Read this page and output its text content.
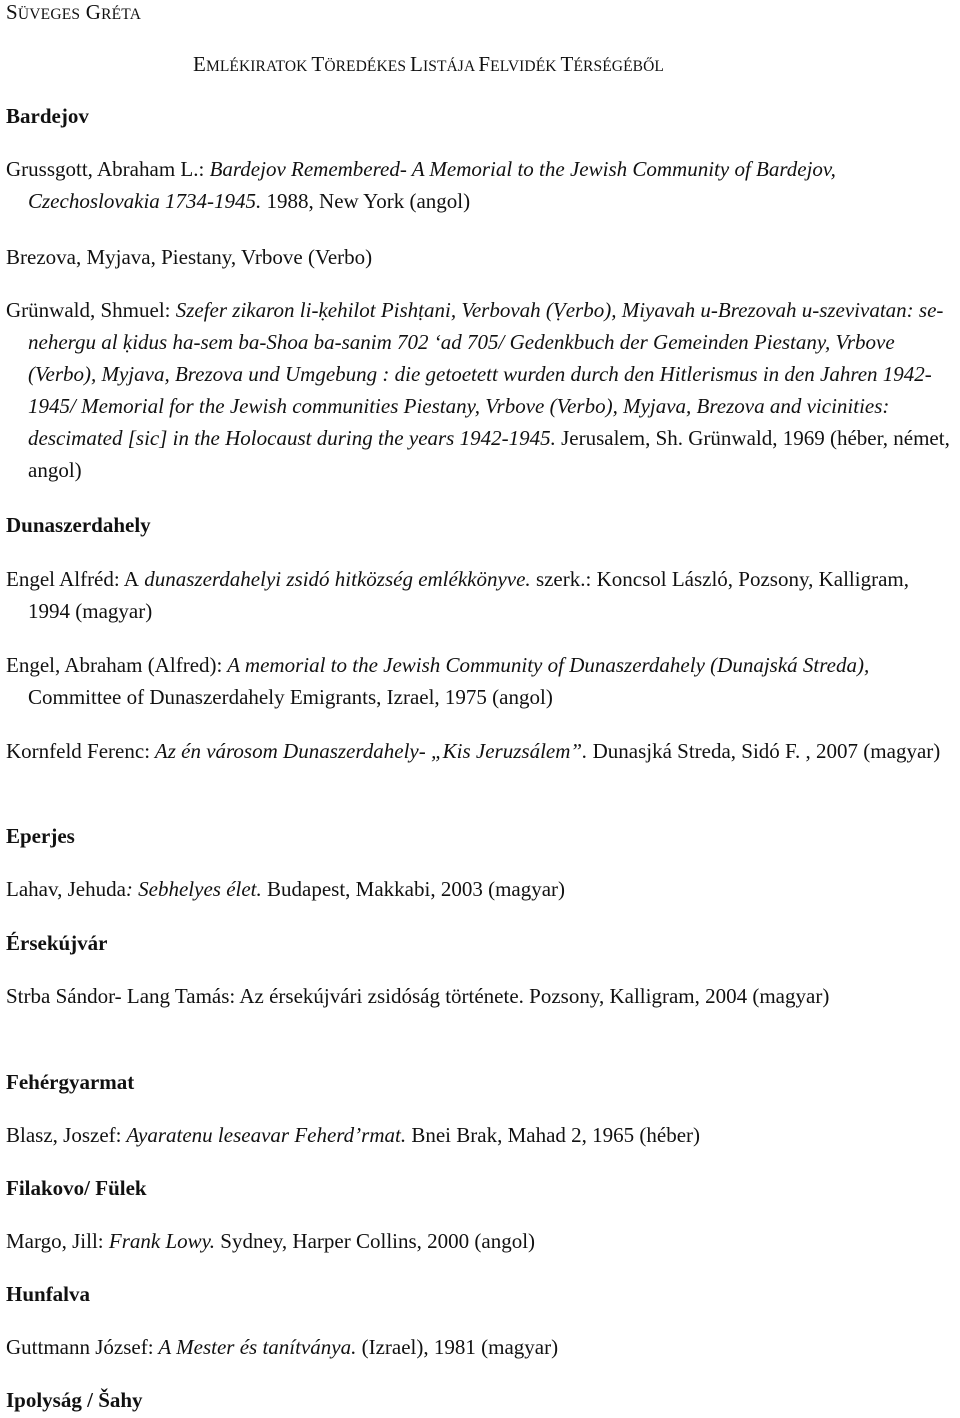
SÜVEGES GRÉTA
EMLÉKIRATOK TÖREDÉKES LISTÁJA FELVIDÉK TÉRSÉGÉBŐL
Bardejov
Grussgott, Abraham L.: Bardejov Remembered- A Memorial to the Jewish Community of Bardejov, Czechoslovakia 1734-1945. 1988, New York (angol)
Brezova, Myjava, Piestany, Vrbove (Verbo)
Grünwald, Shmuel: Szefer zikaron li-ḳehilot Pishṭani, Verbovah (Ṿerbo), Miyavah u-Brezovah u-szevivatan: se-nehergu al ḳidus ha-sem ba-Shoa ba-sanim 702 ‘ad 705/ Gedenkbuch der Gemeinden Piestany, Vrbove (Verbo), Myjava, Brezova und Umgebung : die getoetett wurden durch den Hitlerismus in den Jahren 1942-1945/ Memorial for the Jewish communities Piestany, Vrbove (Verbo), Myjava, Brezova and vicinities: descimated [sic] in the Holocaust during the years 1942-1945. Jerusalem, Sh. Grünwald, 1969 (héber, német, angol)
Dunaszerdahely
Engel Alfréd: A dunaszerdahelyi zsidó hitközség emlékkönyve. szerk.: Koncsol László, Pozsony, Kalligram, 1994 (magyar)
Engel, Abraham (Alfred): A memorial to the Jewish Community of Dunaszerdahely (Dunajská Streda), Committee of Dunaszerdahely Emigrants, Izrael, 1975 (angol)
Kornfeld Ferenc: Az én városom Dunaszerdahely- „Kis Jeruzsálem”. Dunasjká Streda, Sidó F. , 2007 (magyar)
Eperjes
Lahav, Jehuda: Sebhelyes élet. Budapest, Makkabi, 2003 (magyar)
Érsekújvár
Strba Sándor- Lang Tamás: Az érsekújvári zsidóság története. Pozsony, Kalligram, 2004 (magyar)
Fehérgyarmat
Blasz, Joszef: Ayaratenu leseavar Feherd’rmat. Bnei Brak, Mahad 2, 1965 (héber)
Filakovo/ Fülek
Margo, Jill: Frank Lowy. Sydney, Harper Collins, 2000 (angol)
Hunfalva
Guttmann József: A Mester és tanítványa. (Izrael), 1981 (magyar)
Ipolyság / Šahy
